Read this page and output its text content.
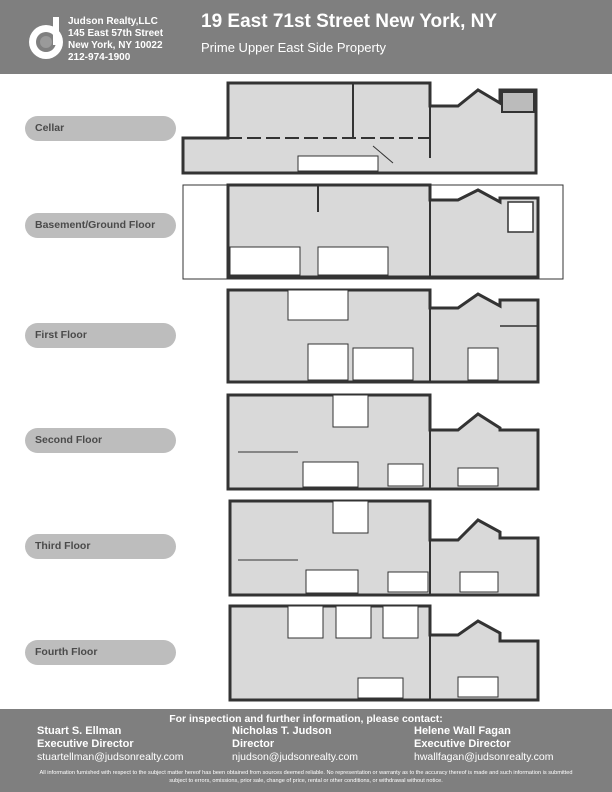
Judson Realty,LLC
145 East 57th Street
New York, NY 10022
212-974-1900
19 East 71st Street New York, NY
Prime Upper East Side Property
Cellar
Basement/Ground Floor
First Floor
Second Floor
Third Floor
Fourth Floor
For inspection and further information, please contact:
Stuart S. Ellman
Executive Director
stuartellman@judsonrealty.com
Nicholas T. Judson
Director
njudson@judsonrealty.com
Helene Wall Fagan
Executive Director
hwallfagan@judsonrealty.com
All information furnished with respect to the subject matter hereof has been obtained from sources deemed reliable. No representation or warranty as to the accuracy thereof is made and such information is submitted subject to errors, omissions, prior sale, change of price, rental or other conditions, or withdrawal without notice.
